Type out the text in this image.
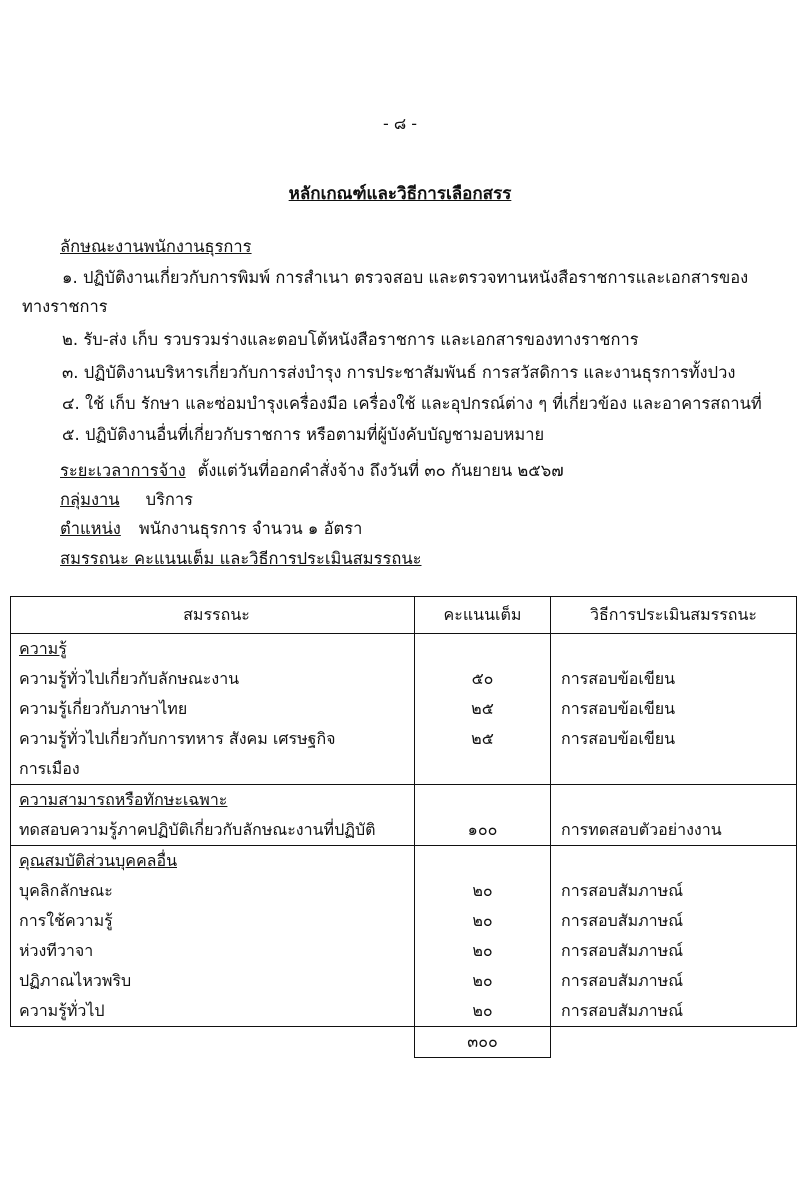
- ๘ -
หลักเกณฑ์และวิธีการเลือกสรร
ลักษณะงานพนักงานธุรการ
๑. ปฏิบัติงานเกี่ยวกับการพิมพ์ การสำเนา ตรวจสอบ และตรวจทานหนังสือราชการและเอกสารของ
ทางราชการ
๒. รับ-ส่ง เก็บ รวบรวมร่างและตอบโต้หนังสือราชการ และเอกสารของทางราชการ
๓. ปฏิบัติงานบริหารเกี่ยวกับการส่งบำรุง การประชาสัมพันธ์ การสวัสดิการ และงานธุรการทั้งปวง
๔. ใช้ เก็บ รักษา และซ่อมบำรุงเครื่องมือ เครื่องใช้ และอุปกรณ์ต่าง ๆ ที่เกี่ยวข้อง และอาคารสถานที่
๕. ปฏิบัติงานอื่นที่เกี่ยวกับราชการ หรือตามที่ผู้บังคับบัญชามอบหมาย
ระยะเวลาการจ้าง ตั้งแต่วันที่ออกคำสั่งจ้าง ถึงวันที่ ๓๐ กันยายน ๒๕๖๗
กลุ่มงาน บริการ
ตำแหน่ง พนักงานธุรการ จำนวน ๑ อัตรา
สมรรถนะ คะแนนเต็ม และวิธีการประเมินสมรรถนะ
สมรรถนะ	คะแนนเต็ม	วิธีการประเมินสมรรถนะ
ความรู้		
ความรู้ทั่วไปเกี่ยวกับลักษณะงาน	๕๐	การสอบข้อเขียน
ความรู้เกี่ยวกับภาษาไทย	๒๕	การสอบข้อเขียน
ความรู้ทั่วไปเกี่ยวกับการทหาร สังคม เศรษฐกิจ	๒๕	การสอบข้อเขียน
การเมือง		
ความสามารถหรือทักษะเฉพาะ		
ทดสอบความรู้ภาคปฏิบัติเกี่ยวกับลักษณะงานที่ปฏิบัติ	๑๐๐	การทดสอบตัวอย่างงาน
คุณสมบัติส่วนบุคคลอื่น		
บุคลิกลักษณะ	๒๐	การสอบสัมภาษณ์
การใช้ความรู้	๒๐	การสอบสัมภาษณ์
ห่วงทีวาจา	๒๐	การสอบสัมภาษณ์
ปฏิภาณไหวพริบ	๒๐	การสอบสัมภาษณ์
ความรู้ทั่วไป	๒๐	การสอบสัมภาษณ์
	๓๐๐	
